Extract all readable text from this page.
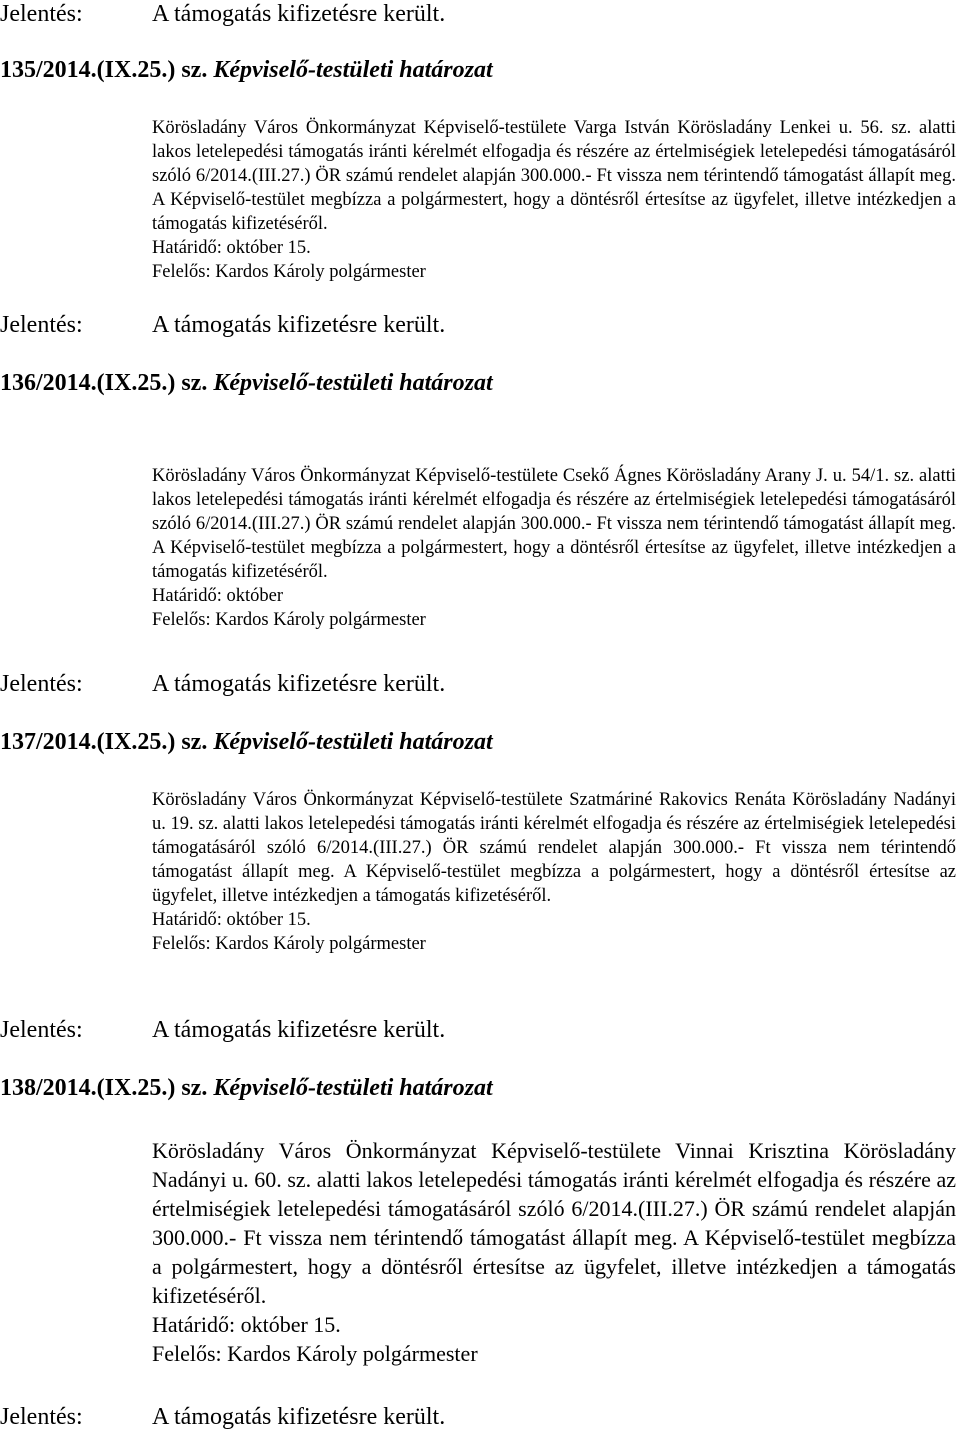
Jelentés:	A támogatás kifizetésre került.
135/2014.(IX.25.) sz. Képviselő-testületi határozat
Körösladány Város Önkormányzat Képviselő-testülete Varga István Körösladány Lenkei u. 56. sz. alatti lakos letelepedési támogatás iránti kérelmét elfogadja és részére az értelmiségiek letelepedési támogatásáról szóló 6/2014.(III.27.) ÖR számú rendelet alapján 300.000.- Ft vissza nem térintendő támogatást állapít meg. A Képviselő-testület megbízza a polgármestert, hogy a döntésről értesítse az ügyfelet, illetve intézkedjen a támogatás kifizetéséről.
Határidő: október 15.
Felelős: Kardos Károly polgármester
Jelentés:	A támogatás kifizetésre került.
136/2014.(IX.25.) sz. Képviselő-testületi határozat
Körösladány Város Önkormányzat Képviselő-testülete Csekő Ágnes Körösladány Arany J. u. 54/1. sz. alatti lakos letelepedési támogatás iránti kérelmét elfogadja és részére az értelmiségiek letelepedési támogatásáról szóló 6/2014.(III.27.) ÖR számú rendelet alapján 300.000.- Ft vissza nem térintendő támogatást állapít meg. A Képviselő-testület megbízza a polgármestert, hogy a döntésről értesítse az ügyfelet, illetve intézkedjen a támogatás kifizetéséről.
Határidő: október
Felelős: Kardos Károly polgármester
Jelentés:	A támogatás kifizetésre került.
137/2014.(IX.25.) sz. Képviselő-testületi határozat
Körösladány Város Önkormányzat Képviselő-testülete Szatmáriné Rakovics Renáta Körösladány Nadányi u. 19. sz. alatti lakos letelepedési támogatás iránti kérelmét elfogadja és részére az értelmiségiek letelepedési támogatásáról szóló 6/2014.(III.27.) ÖR számú rendelet alapján 300.000.- Ft vissza nem térintendő támogatást állapít meg. A Képviselő-testület megbízza a polgármestert, hogy a döntésről értesítse az ügyfelet, illetve intézkedjen a támogatás kifizetéséről.
Határidő: október 15.
Felelős: Kardos Károly polgármester
Jelentés:	A támogatás kifizetésre került.
138/2014.(IX.25.) sz. Képviselő-testületi határozat
Körösladány Város Önkormányzat Képviselő-testülete Vinnai Krisztina Körösladány Nadányi u. 60. sz. alatti lakos letelepedési támogatás iránti kérelmét elfogadja és részére az értelmiségiek letelepedési támogatásáról szóló 6/2014.(III.27.) ÖR számú rendelet alapján 300.000.- Ft vissza nem térintendő támogatást állapít meg. A Képviselő-testület megbízza a polgármestert, hogy a döntésről értesítse az ügyfelet, illetve intézkedjen a támogatás kifizetéséről.
Határidő: október 15.
Felelős: Kardos Károly polgármester
Jelentés:	A támogatás kifizetésre került.
